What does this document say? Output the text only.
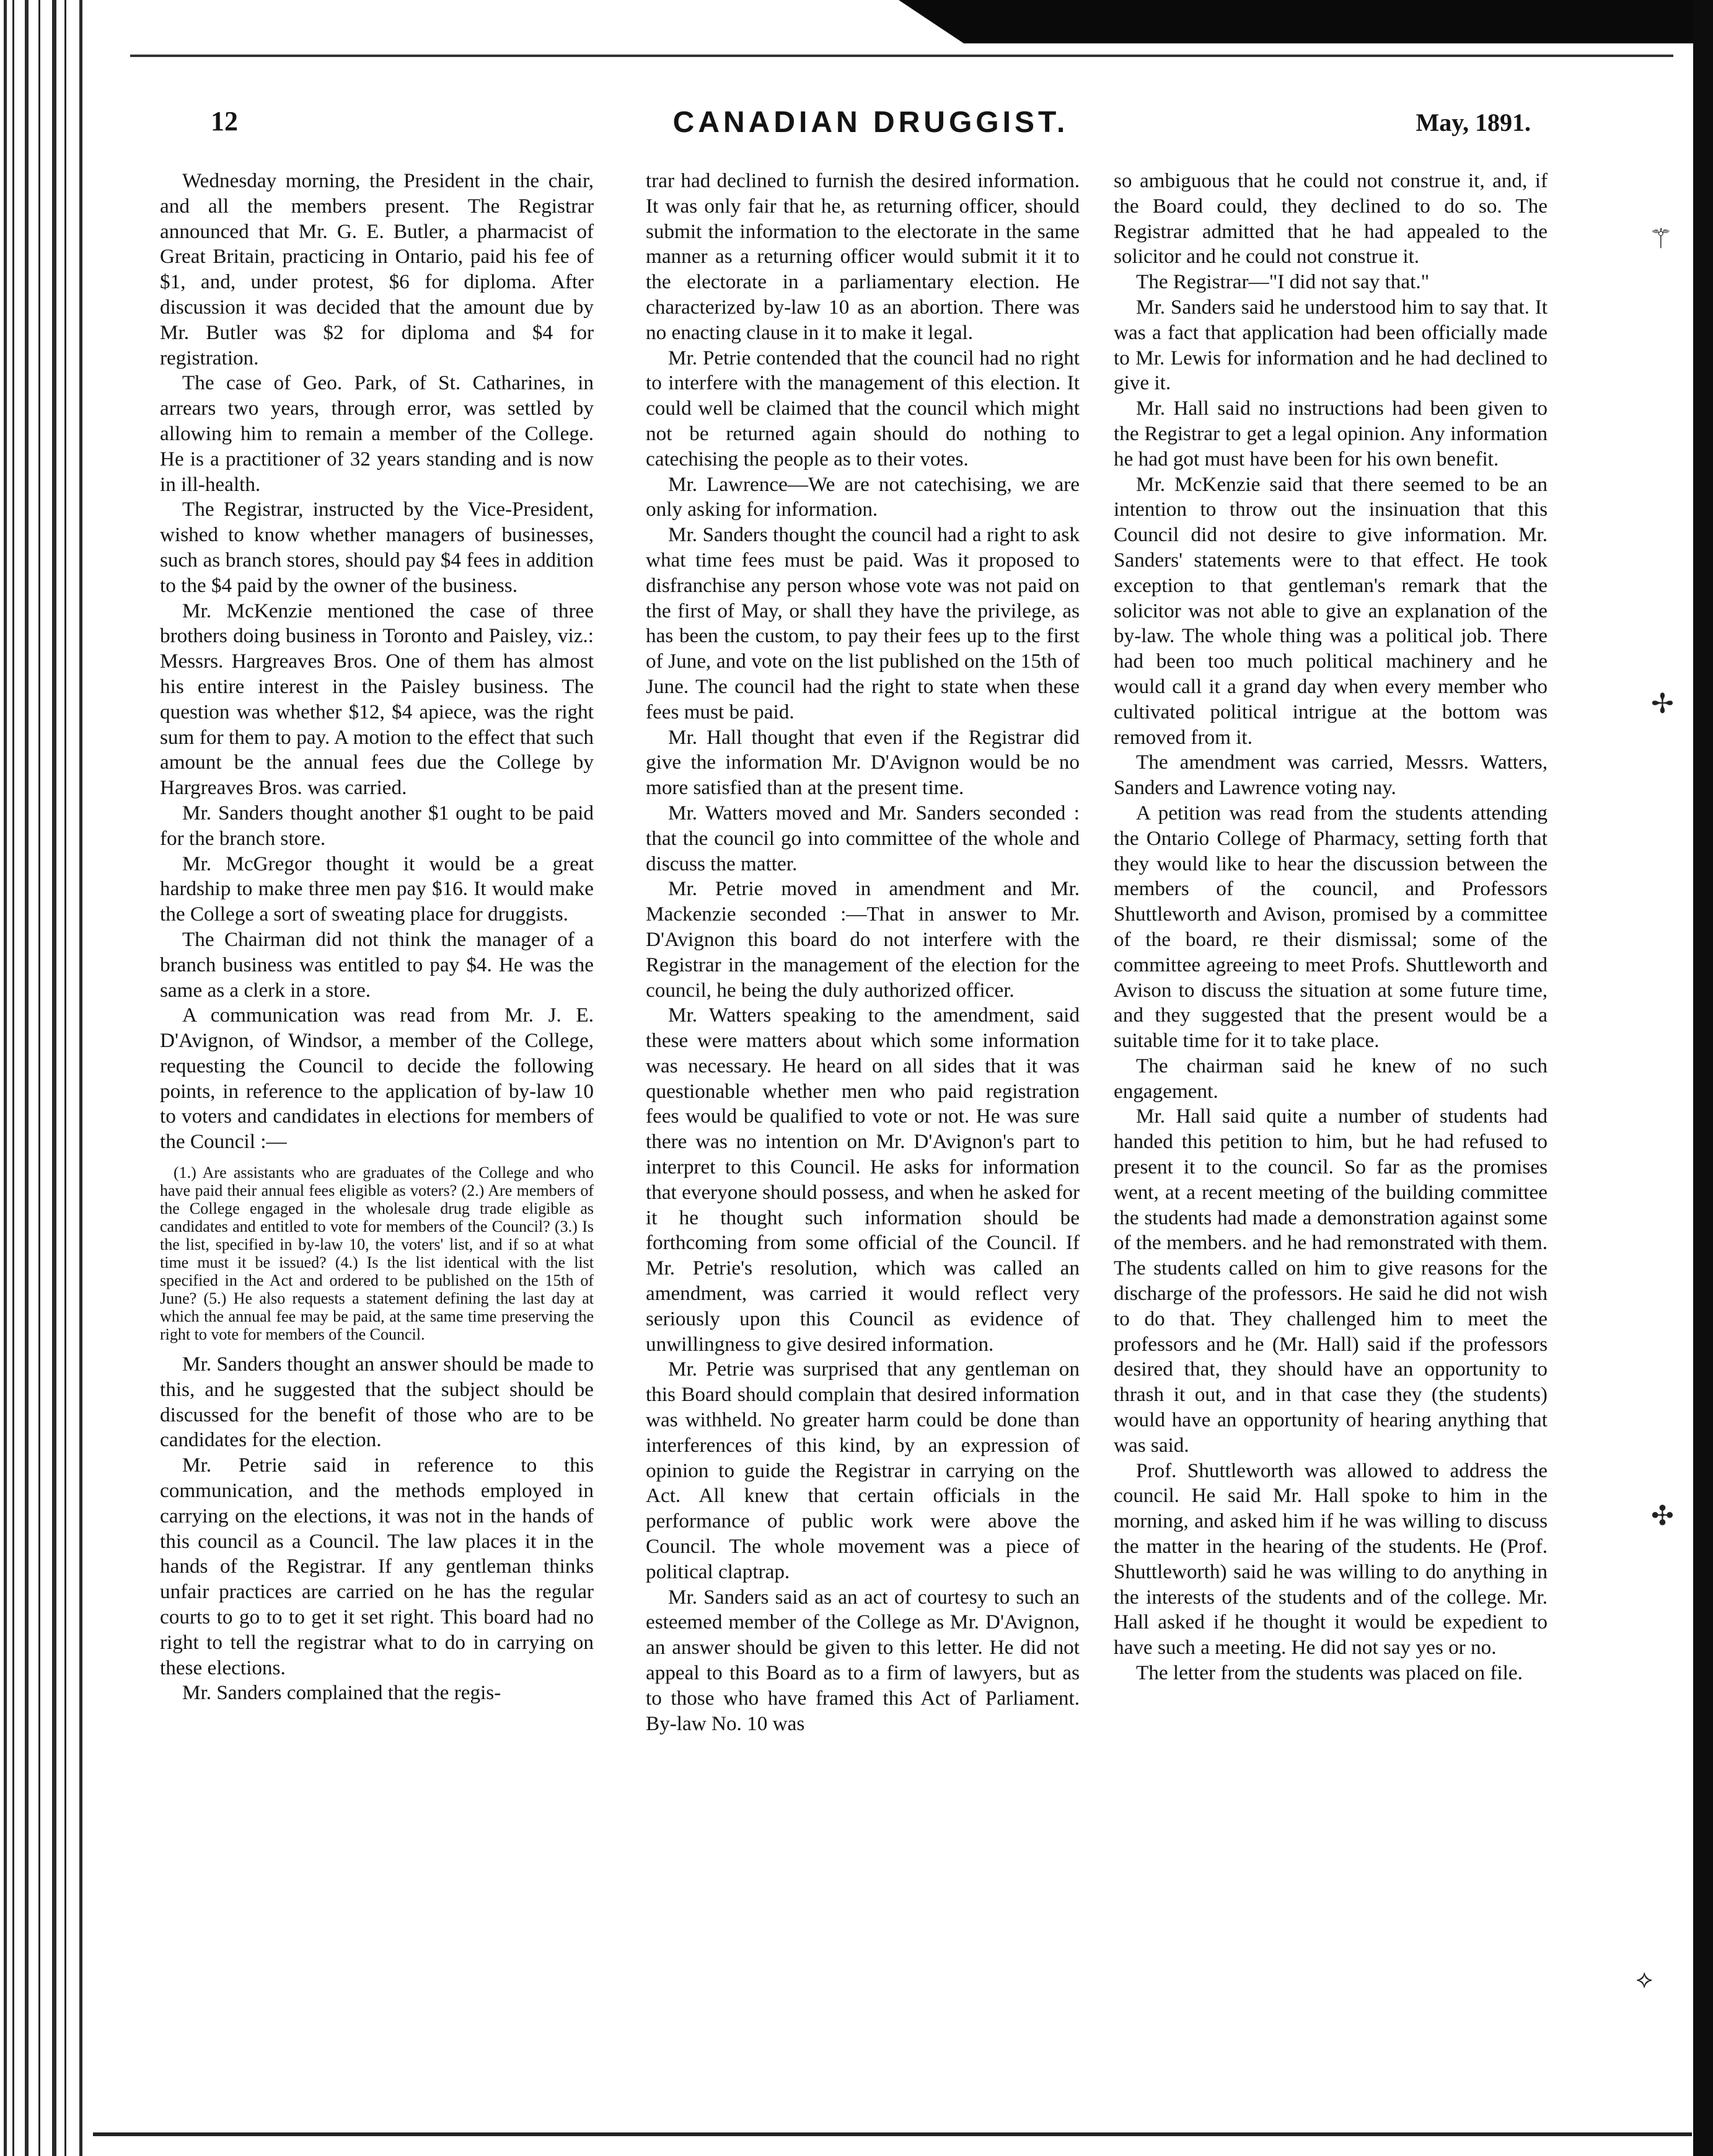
⚚
✢
✣
⟡
12	CANADIAN DRUGGIST.	May, 1891.

Wednesday morning, the President in the chair, and all the members present. The Registrar announced that Mr. G. E. Butler, a pharmacist of Great Britain, practicing in Ontario, paid his fee of $1, and, under protest, $6 for diploma. After discussion it was decided that the amount due by Mr. Butler was $2 for diploma and $4 for registration.

The case of Geo. Park, of St. Catharines, in arrears two years, through error, was settled by allowing him to remain a member of the College. He is a practitioner of 32 years standing and is now in ill-health.

The Registrar, instructed by the Vice-President, wished to know whether managers of businesses, such as branch stores, should pay $4 fees in addition to the $4 paid by the owner of the business.

Mr. McKenzie mentioned the case of three brothers doing business in Toronto and Paisley, viz.: Messrs. Hargreaves Bros. One of them has almost his entire interest in the Paisley business. The question was whether $12, $4 apiece, was the right sum for them to pay. A motion to the effect that such amount be the annual fees due the College by Hargreaves Bros. was carried.

Mr. Sanders thought another $1 ought to be paid for the branch store.

Mr. McGregor thought it would be a great hardship to make three men pay $16. It would make the College a sort of sweating place for druggists.

The Chairman did not think the manager of a branch business was entitled to pay $4. He was the same as a clerk in a store.

A communication was read from Mr. J. E. D'Avignon, of Windsor, a member of the College, requesting the Council to decide the following points, in reference to the application of by-law 10 to voters and candidates in elections for members of the Council :—

(1.) Are assistants who are graduates of the College and who have paid their annual fees eligible as voters? (2.) Are members of the College engaged in the wholesale drug trade eligible as candidates and entitled to vote for members of the Council? (3.) Is the list, specified in by-law 10, the voters' list, and if so at what time must it be issued? (4.) Is the list identical with the list specified in the Act and ordered to be published on the 15th of June? (5.) He also requests a statement defining the last day at which the annual fee may be paid, at the same time preserving the right to vote for members of the Council.

Mr. Sanders thought an answer should be made to this, and he suggested that the subject should be discussed for the benefit of those who are to be candidates for the election.

Mr. Petrie said in reference to this communication, and the methods employed in carrying on the elections, it was not in the hands of this council as a Council. The law places it in the hands of the Registrar. If any gentleman thinks unfair practices are carried on he has the regular courts to go to to get it set right. This board had no right to tell the registrar what to do in carrying on these elections.

Mr. Sanders complained that the regis-

trar had declined to furnish the desired information. It was only fair that he, as returning officer, should submit the information to the electorate in the same manner as a returning officer would submit it it to the electorate in a parliamentary election. He characterized by-law 10 as an abortion. There was no enacting clause in it to make it legal.

Mr. Petrie contended that the council had no right to interfere with the management of this election. It could well be claimed that the council which might not be returned again should do nothing to catechising the people as to their votes.

Mr. Lawrence—We are not catechising, we are only asking for information.

Mr. Sanders thought the council had a right to ask what time fees must be paid. Was it proposed to disfranchise any person whose vote was not paid on the first of May, or shall they have the privilege, as has been the custom, to pay their fees up to the first of June, and vote on the list published on the 15th of June. The council had the right to state when these fees must be paid.

Mr. Hall thought that even if the Registrar did give the information Mr. D'Avignon would be no more satisfied than at the present time.

Mr. Watters moved and Mr. Sanders seconded : that the council go into committee of the whole and discuss the matter.

Mr. Petrie moved in amendment and Mr. Mackenzie seconded :—That in answer to Mr. D'Avignon this board do not interfere with the Registrar in the management of the election for the council, he being the duly authorized officer.

Mr. Watters speaking to the amendment, said these were matters about which some information was necessary. He heard on all sides that it was questionable whether men who paid registration fees would be qualified to vote or not. He was sure there was no intention on Mr. D'Avignon's part to interpret to this Council. He asks for information that everyone should possess, and when he asked for it he thought such information should be forthcoming from some official of the Council. If Mr. Petrie's resolution, which was called an amendment, was carried it would reflect very seriously upon this Council as evidence of unwillingness to give desired information.

Mr. Petrie was surprised that any gentleman on this Board should complain that desired information was withheld. No greater harm could be done than interferences of this kind, by an expression of opinion to guide the Registrar in carrying on the Act. All knew that certain officials in the performance of public work were above the Council. The whole movement was a piece of political claptrap.

Mr. Sanders said as an act of courtesy to such an esteemed member of the College as Mr. D'Avignon, an answer should be given to this letter. He did not appeal to this Board as to a firm of lawyers, but as to those who have framed this Act of Parliament. By-law No. 10 was

so ambiguous that he could not construe it, and, if the Board could, they declined to do so. The Registrar admitted that he had appealed to the solicitor and he could not construe it.

The Registrar—"I did not say that."

Mr. Sanders said he understood him to say that. It was a fact that application had been officially made to Mr. Lewis for information and he had declined to give it.

Mr. Hall said no instructions had been given to the Registrar to get a legal opinion. Any information he had got must have been for his own benefit.

Mr. McKenzie said that there seemed to be an intention to throw out the insinuation that this Council did not desire to give information. Mr. Sanders' statements were to that effect. He took exception to that gentleman's remark that the solicitor was not able to give an explanation of the by-law. The whole thing was a political job. There had been too much political machinery and he would call it a grand day when every member who cultivated political intrigue at the bottom was removed from it.

The amendment was carried, Messrs. Watters, Sanders and Lawrence voting nay.

A petition was read from the students attending the Ontario College of Pharmacy, setting forth that they would like to hear the discussion between the members of the council, and Professors Shuttleworth and Avison, promised by a committee of the board, re their dismissal; some of the committee agreeing to meet Profs. Shuttleworth and Avison to discuss the situation at some future time, and they suggested that the present would be a suitable time for it to take place.

The chairman said he knew of no such engagement.

Mr. Hall said quite a number of students had handed this petition to him, but he had refused to present it to the council. So far as the promises went, at a recent meeting of the building committee the students had made a demonstration against some of the members. and he had remonstrated with them. The students called on him to give reasons for the discharge of the professors. He said he did not wish to do that. They challenged him to meet the professors and he (Mr. Hall) said if the professors desired that, they should have an opportunity to thrash it out, and in that case they (the students) would have an opportunity of hearing anything that was said.

Prof. Shuttleworth was allowed to address the council. He said Mr. Hall spoke to him in the morning, and asked him if he was willing to discuss the matter in the hearing of the students. He (Prof. Shuttleworth) said he was willing to do anything in the interests of the students and of the college. Mr. Hall asked if he thought it would be expedient to have such a meeting. He did not say yes or no.

The letter from the students was placed on file.
